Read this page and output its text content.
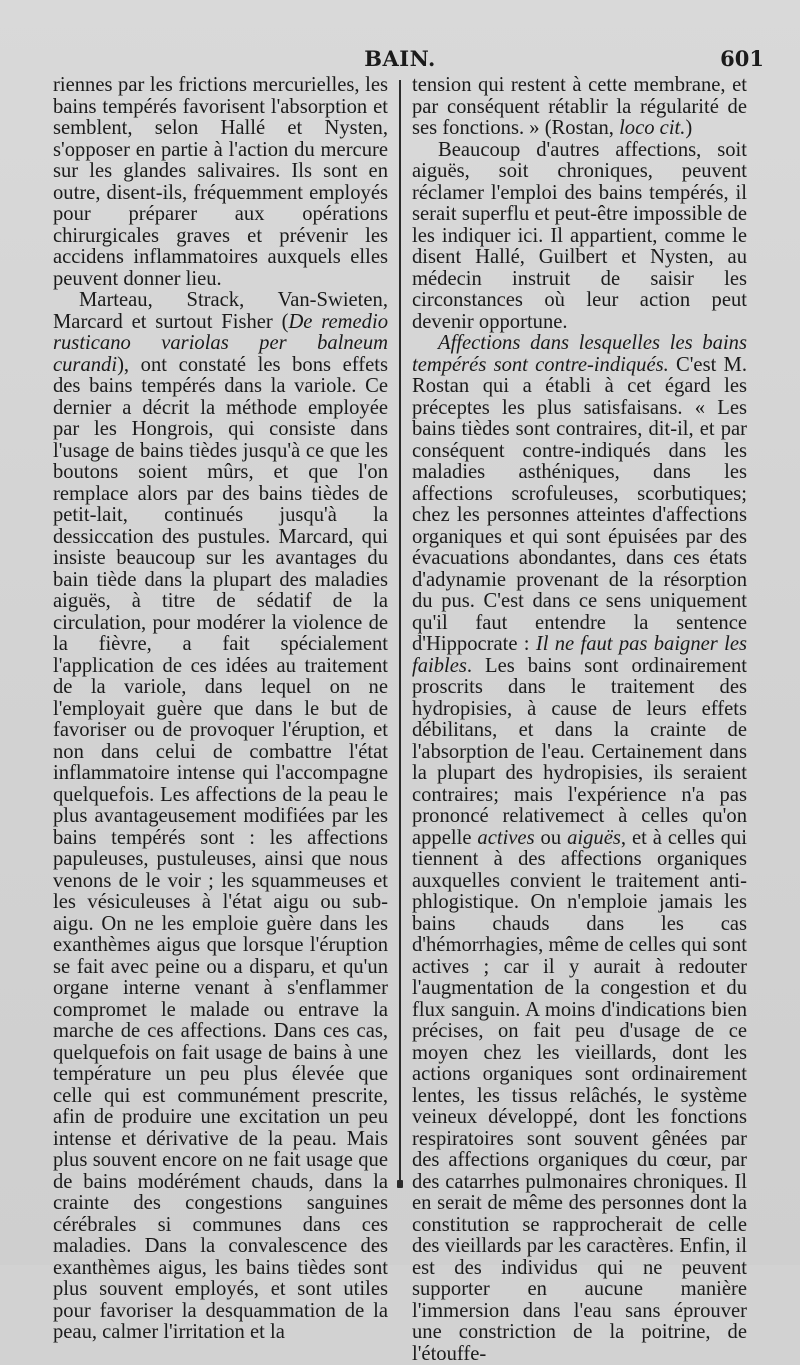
BAIN.	601

riennes par les frictions mercurielles, les bains tempérés favorisent l'absorption et semblent, selon Hallé et Nysten, s'opposer en partie à l'action du mercure sur les glandes salivaires. Ils sont en outre, disent-ils, fréquemment employés pour préparer aux opérations chirurgicales graves et prévenir les accidens inflammatoires auxquels elles peuvent donner lieu.

Marteau, Strack, Van-Swieten, Marcard et surtout Fisher (De remedio rusticano variolas per balneum curandi), ont constaté les bons effets des bains tempérés dans la variole. Ce dernier a décrit la méthode employée par les Hongrois, qui consiste dans l'usage de bains tièdes jusqu'à ce que les boutons soient mûrs, et que l'on remplace alors par des bains tièdes de petit-lait, continués jusqu'à la dessiccation des pustules. Marcard, qui insiste beaucoup sur les avantages du bain tiède dans la plupart des maladies aiguës, à titre de sédatif de la circulation, pour modérer la violence de la fièvre, a fait spécialement l'application de ces idées au traitement de la variole, dans lequel on ne l'employait guère que dans le but de favoriser ou de provoquer l'éruption, et non dans celui de combattre l'état inflammatoire intense qui l'accompagne quelquefois. Les affections de la peau le plus avantageusement modifiées par les bains tempérés sont : les affections papuleuses, pustuleuses, ainsi que nous venons de le voir ; les squammeuses et les vésiculeuses à l'état aigu ou sub-aigu. On ne les emploie guère dans les exanthèmes aigus que lorsque l'éruption se fait avec peine ou a disparu, et qu'un organe interne venant à s'enflammer compromet le malade ou entrave la marche de ces affections. Dans ces cas, quelquefois on fait usage de bains à une température un peu plus élevée que celle qui est communément prescrite, afin de produire une excitation un peu intense et dérivative de la peau. Mais plus souvent encore on ne fait usage que de bains modérément chauds, dans la crainte des congestions sanguines cérébrales si communes dans ces maladies. Dans la convalescence des exanthèmes aigus, les bains tièdes sont plus souvent employés, et sont utiles pour favoriser la desquammation de la peau, calmer l'irritation et la

tension qui restent à cette membrane, et par conséquent rétablir la régularité de ses fonctions. » (Rostan, loco cit.)

Beaucoup d'autres affections, soit aiguës, soit chroniques, peuvent réclamer l'emploi des bains tempérés, il serait superflu et peut-être impossible de les indiquer ici. Il appartient, comme le disent Hallé, Guilbert et Nysten, au médecin instruit de saisir les circonstances où leur action peut devenir opportune.

Affections dans lesquelles les bains tempérés sont contre-indiqués. C'est M. Rostan qui a établi à cet égard les préceptes les plus satisfaisans. « Les bains tièdes sont contraires, dit-il, et par conséquent contre-indiqués dans les maladies asthéniques, dans les affections scrofuleuses, scorbutiques; chez les personnes atteintes d'affections organiques et qui sont épuisées par des évacuations abondantes, dans ces états d'adynamie provenant de la résorption du pus. C'est dans ce sens uniquement qu'il faut entendre la sentence d'Hippocrate : Il ne faut pas baigner les faibles. Les bains sont ordinairement proscrits dans le traitement des hydropisies, à cause de leurs effets débilitans, et dans la crainte de l'absorption de l'eau. Certainement dans la plupart des hydropisies, ils seraient contraires; mais l'expérience n'a pas prononcé relativemect à celles qu'on appelle actives ou aiguës, et à celles qui tiennent à des affections organiques auxquelles convient le traitement anti-phlogistique. On n'emploie jamais les bains chauds dans les cas d'hémorrhagies, même de celles qui sont actives ; car il y aurait à redouter l'augmentation de la congestion et du flux sanguin. A moins d'indications bien précises, on fait peu d'usage de ce moyen chez les vieillards, dont les actions organiques sont ordinairement lentes, les tissus relâchés, le système veineux développé, dont les fonctions respiratoires sont souvent gênées par des affections organiques du cœur, par des catarrhes pulmonaires chroniques. Il en serait de même des personnes dont la constitution se rapprocherait de celle des vieillards par les caractères. Enfin, il est des individus qui ne peuvent supporter en aucune manière l'immersion dans l'eau sans éprouver une constriction de la poitrine, de l'étouffe-
